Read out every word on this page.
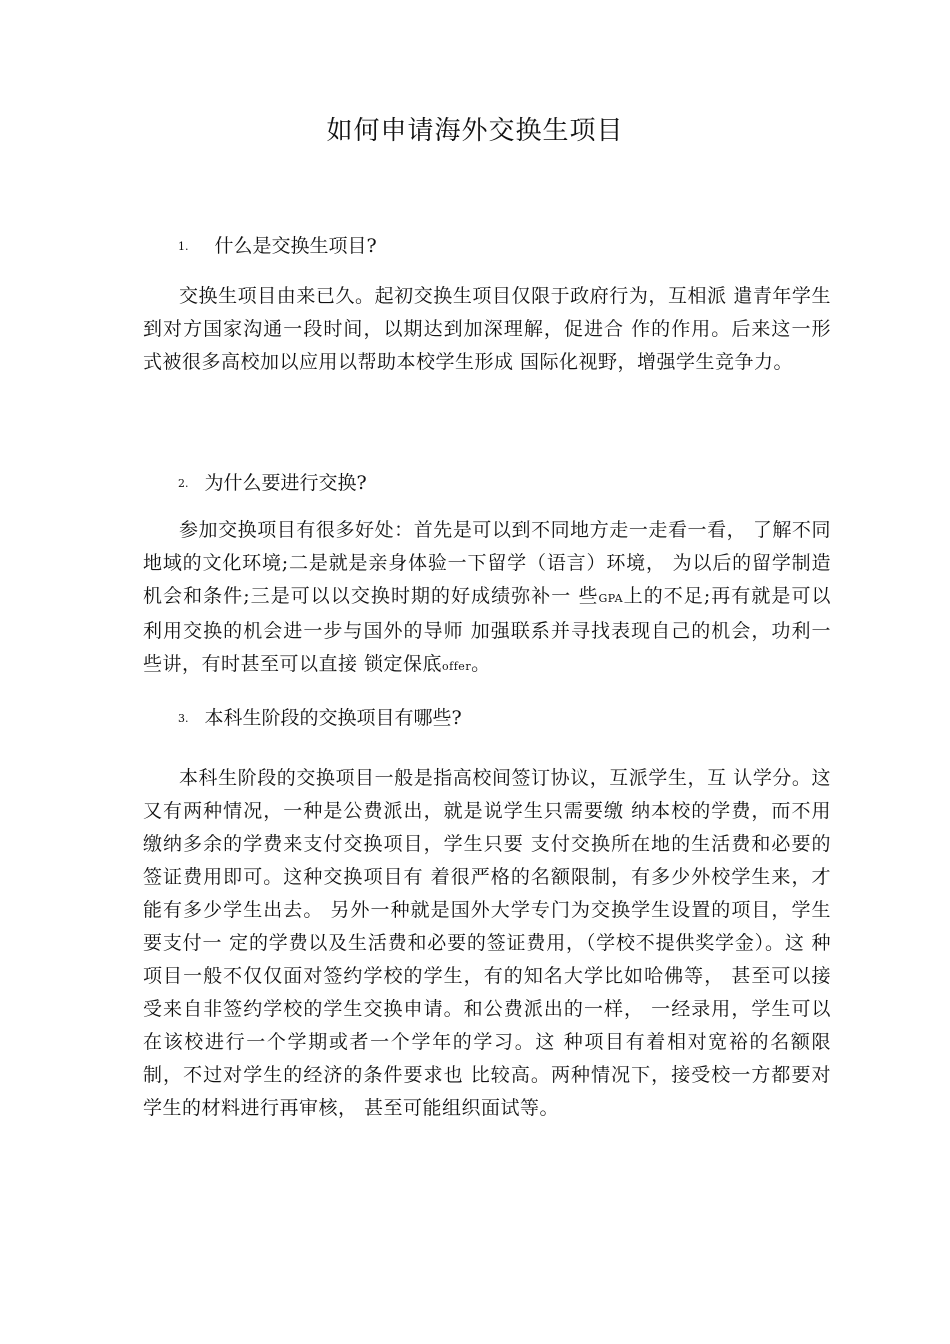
如何申请海外交换生项目
1. 什么是交换生项目?
交换生项目由来已久。起初交换生项目仅限于政府行为，互相派 遣青年学生到对方国家沟通一段时间，以期达到加深理解，促进合 作的作用。后来这一形式被很多高校加以应用以帮助本校学生形成 国际化视野，增强学生竞争力。
2. 为什么要进行交换?
参加交换项目有很多好处：首先是可以到不同地方走一走看一看， 了解不同地域的文化环境;二是就是亲身体验一下留学（语言）环境， 为以后的留学制造机会和条件;三是可以以交换时期的好成绩弥补一 些GPA上的不足;再有就是可以利用交换的机会进一步与国外的导师 加强联系并寻找表现自己的机会，功利一些讲，有时甚至可以直接 锁定保底offer。
3. 本科生阶段的交换项目有哪些?
本科生阶段的交换项目一般是指高校间签订协议，互派学生，互 认学分。这又有两种情况，一种是公费派出，就是说学生只需要缴 纳本校的学费，而不用缴纳多余的学费来支付交换项目，学生只要 支付交换所在地的生活费和必要的签证费用即可。这种交换项目有 着很严格的名额限制，有多少外校学生来，才能有多少学生出去。 另外一种就是国外大学专门为交换学生设置的项目，学生要支付一 定的学费以及生活费和必要的签证费用，（学校不提供奖学金）。这 种项目一般不仅仅面对签约学校的学生，有的知名大学比如哈佛等， 甚至可以接受来自非签约学校的学生交换申请。和公费派出的一样， 一经录用，学生可以在该校进行一个学期或者一个学年的学习。这 种项目有着相对宽裕的名额限制，不过对学生的经济的条件要求也 比较高。两种情况下，接受校一方都要对学生的材料进行再审核， 甚至可能组织面试等。
